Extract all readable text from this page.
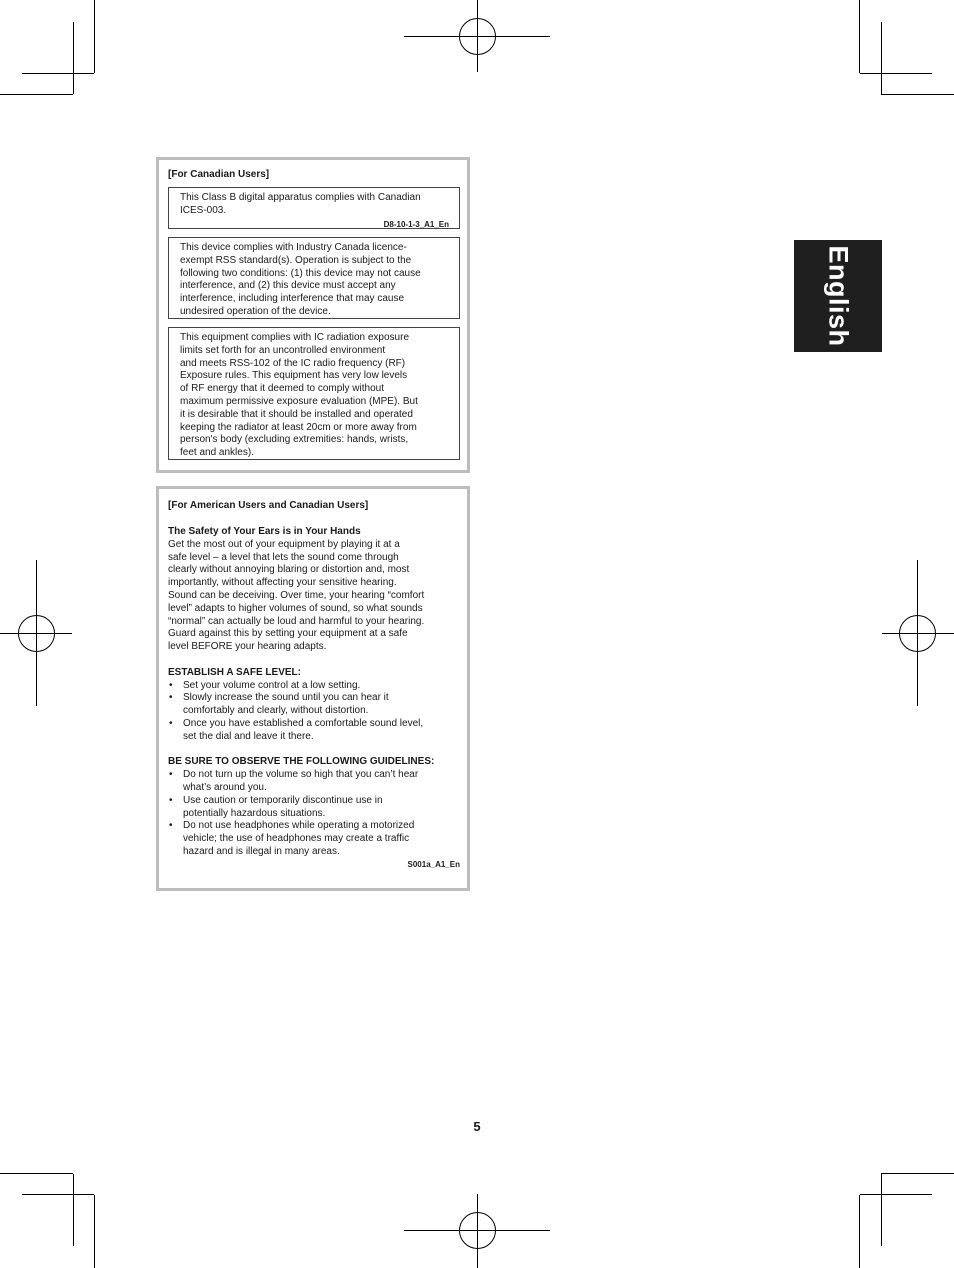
[For Canadian Users]

This Class B digital apparatus complies with Canadian

ICES-003.

D8-10-1-3_A1_En

This device complies with Industry Canada licence-

exempt RSS standard(s). Operation is subject to the

following two conditions: (1) this device may not cause

interference, and (2) this device must accept any

interference, including interference that may cause

undesired operation of the device.

This equipment complies with IC radiation exposure

limits set forth for an uncontrolled environment

and meets RSS-102 of the IC radio frequency (RF)

Exposure rules. This equipment has very low levels

of RF energy that it deemed to comply without

maximum permissive exposure evaluation (MPE). But

it is desirable that it should be installed and operated

keeping the radiator at least 20cm or more away from

person's body (excluding extremities: hands, wrists,

feet and ankles).

[For American Users and Canadian Users]

The Safety of Your Ears is in Your Hands

Get the most out of your equipment by playing it at a

safe level – a level that lets the sound come through

clearly without annoying blaring or distortion and, most

importantly, without affecting your sensitive hearing.

Sound can be deceiving. Over time, your hearing “comfort

level” adapts to higher volumes of sound, so what sounds

“normal” can actually be loud and harmful to your hearing.

Guard against this by setting your equipment at a safe

level BEFORE your hearing adapts.

ESTABLISH A SAFE LEVEL:

• Set your volume control at a low setting.

• Slowly increase the sound until you can hear it

comfortably and clearly, without distortion.

• Once you have established a comfortable sound level,

set the dial and leave it there.

BE SURE TO OBSERVE THE FOLLOWING GUIDELINES:

• Do not turn up the volume so high that you can’t hear

what’s around you.

• Use caution or temporarily discontinue use in

potentially hazardous situations.

• Do not use headphones while operating a motorized

vehicle; the use of headphones may create a traffic

hazard and is illegal in many areas.

S001a_A1_En
English
5
